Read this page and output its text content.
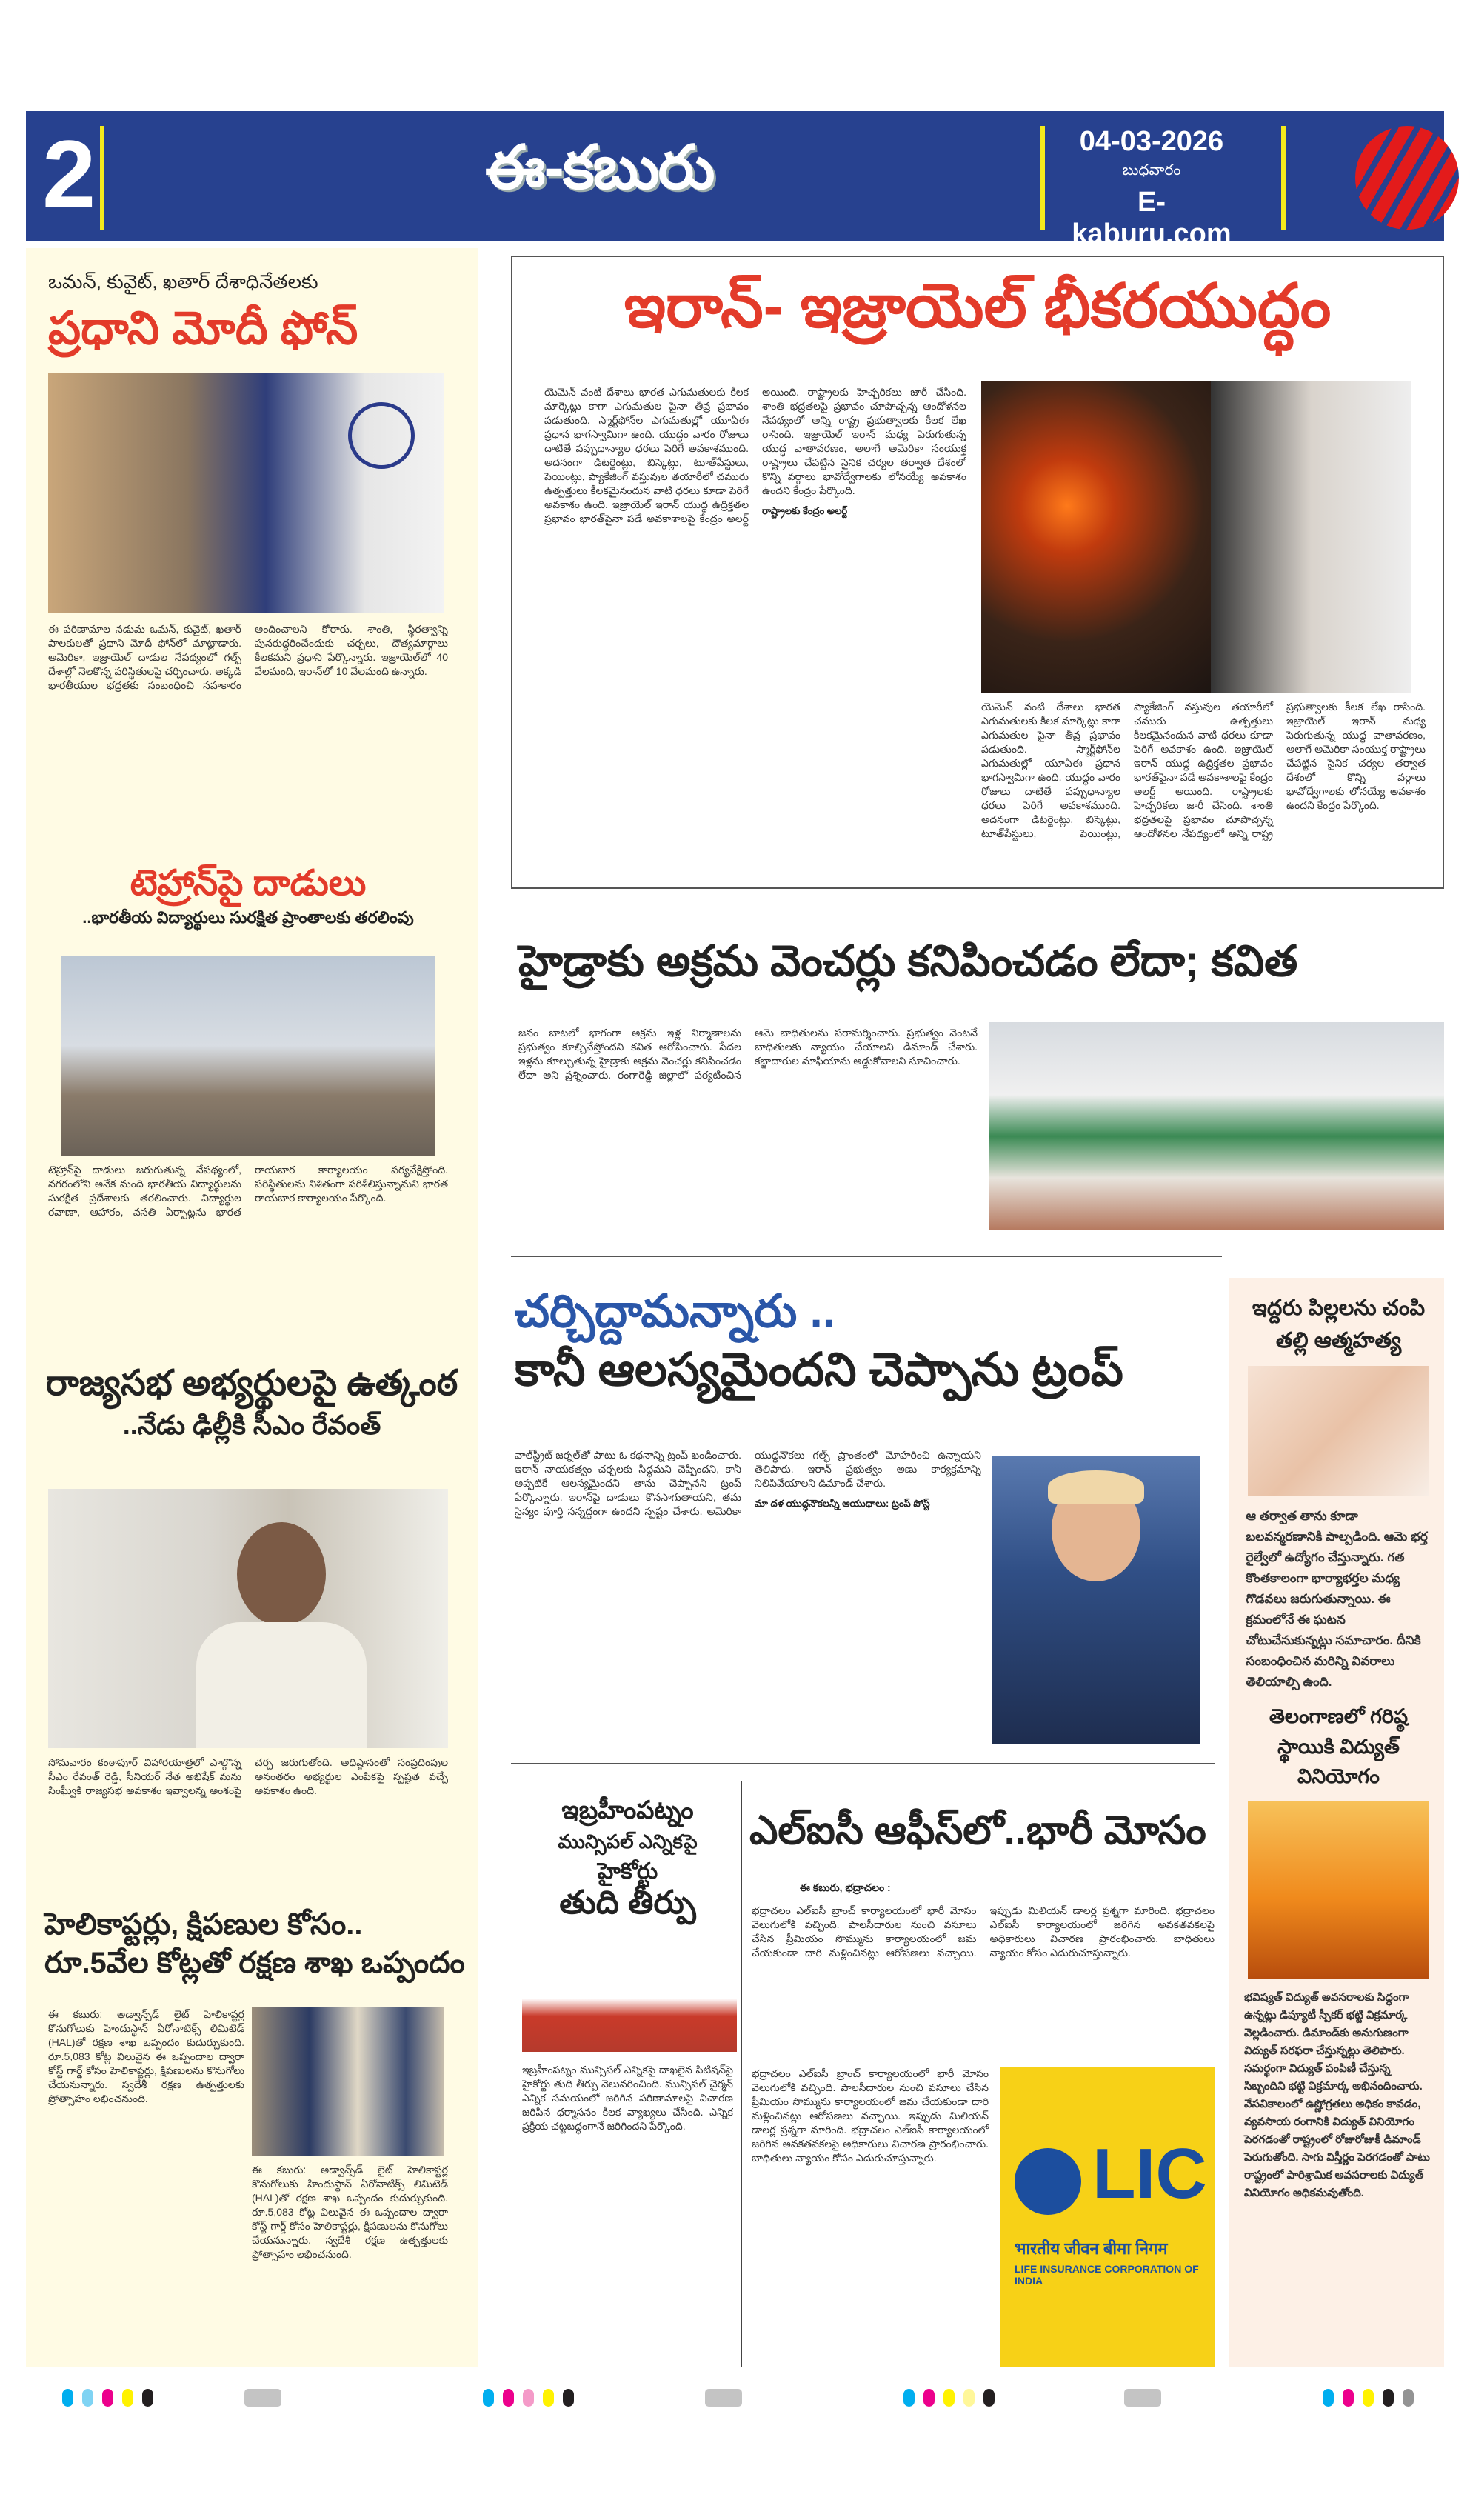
2	ఈ-కబురు	04-03-2026
బుధవారం
E-kaburu.com
ఒమన్, కువైట్, ఖతార్ దేశాధినేతలకు
ప్రధాని మోదీ ఫోన్
ఈ పరిణామాల నడుమ ఒమన్, కువైట్, ఖతార్ పాలకులతో ప్రధాని మోదీ ఫోన్‌లో మాట్లాడారు. అమెరికా, ఇజ్రాయెల్ దాడుల నేపథ్యంలో గల్ఫ్ దేశాల్లో నెలకొన్న పరిస్థితులపై చర్చించారు. అక్కడి భారతీయుల భద్రతకు సంబంధించి సహకారం అందించాలని కోరారు. శాంతి, స్థిరత్వాన్ని పునరుద్ధరించేందుకు చర్చలు, దౌత్యమార్గాలు కీలకమని ప్రధాని పేర్కొన్నారు. ఇజ్రాయెల్‌లో 40 వేలమంది, ఇరాన్‌లో 10 వేలమంది ఉన్నారు.
టెహ్రాన్‌పై దాడులు
..భారతీయ విద్యార్థులు సురక్షిత ప్రాంతాలకు తరలింపు
టెహ్రాన్‌పై దాడులు జరుగుతున్న నేపథ్యంలో, నగరంలోని అనేక మంది భారతీయ విద్యార్థులను సురక్షిత ప్రదేశాలకు తరలించారు. విద్యార్థుల రవాణా, ఆహారం, వసతి ఏర్పాట్లను భారత రాయబార కార్యాలయం పర్యవేక్షిస్తోంది. పరిస్థితులను నిశితంగా పరిశీలిస్తున్నామని భారత రాయబార కార్యాలయం పేర్కొంది.
రాజ్యసభ అభ్యర్థులపై ఉత్కంఠ
..నేడు ఢిల్లీకి సీఎం రేవంత్
సోమవారం కంఠాపూర్ విహారయాత్రలో పాల్గొన్న సీఎం రేవంత్ రెడ్డి, సీనియర్ నేత అభిషేక్ మను సింఘ్వీకి రాజ్యసభ అవకాశం ఇవ్వాలన్న అంశంపై చర్చ జరుగుతోంది. అధిష్ఠానంతో సంప్రదింపుల అనంతరం అభ్యర్థుల ఎంపికపై స్పష్టత వచ్చే అవకాశం ఉంది.
హెలికాప్టర్లు, క్షిపణుల కోసం..
రూ.5వేల కోట్లతో రక్షణ శాఖ ఒప్పందం
ఈ కబురు: అడ్వాన్స్‌డ్ లైట్ హెలికాప్టర్ల కొనుగోలుకు హిందుస్థాన్ ఏరోనాటిక్స్ లిమిటెడ్ (HAL)తో రక్షణ శాఖ ఒప్పందం కుదుర్చుకుంది. రూ.5,083 కోట్ల విలువైన ఈ ఒప్పందాల ద్వారా కోస్ట్ గార్డ్ కోసం హెలికాప్టర్లు, క్షిపణులను కొనుగోలు చేయనున్నారు. స్వదేశీ రక్షణ ఉత్పత్తులకు ప్రోత్సాహం లభించనుంది.
ఈ కబురు: అడ్వాన్స్‌డ్ లైట్ హెలికాప్టర్ల కొనుగోలుకు హిందుస్థాన్ ఏరోనాటిక్స్ లిమిటెడ్ (HAL)తో రక్షణ శాఖ ఒప్పందం కుదుర్చుకుంది. రూ.5,083 కోట్ల విలువైన ఈ ఒప్పందాల ద్వారా కోస్ట్ గార్డ్ కోసం హెలికాప్టర్లు, క్షిపణులను కొనుగోలు చేయనున్నారు. స్వదేశీ రక్షణ ఉత్పత్తులకు ప్రోత్సాహం లభించనుంది.
ఇరాన్- ఇజ్రాయెల్ భీకరయుద్ధం

యెమెన్ వంటి దేశాలు భారత ఎగుమతులకు కీలక మార్కెట్లు కాగా ఎగుమతుల పైనా తీవ్ర ప్రభావం పడుతుంది. స్మార్ట్‌ఫోన్‌ల ఎగుమతుల్లో యూఏఈ ప్రధాన భాగస్వామిగా ఉంది. యుద్ధం వారం రోజులు దాటితే పప్పుధాన్యాల ధరలు పెరిగే అవకాశముంది. అదనంగా డిటర్జెంట్లు, బిస్కెట్లు, టూత్‌పేస్టులు, పెయింట్లు, ప్యాకేజింగ్ వస్తువుల తయారీలో చమురు ఉత్పత్తులు కీలకమైనందున వాటి ధరలు కూడా పెరిగే అవకాశం ఉంది. ఇజ్రాయెల్ ఇరాన్ యుద్ధ ఉద్రిక్తతల ప్రభావం భారత్‌పైనా పడే అవకాశాలపై కేంద్రం అలర్ట్ అయింది. రాష్ట్రాలకు హెచ్చరికలు జారీ చేసింది. శాంతి భద్రతలపై ప్రభావం చూపొచ్చన్న ఆందోళనల నేపథ్యంలో అన్ని రాష్ట్ర ప్రభుత్వాలకు కీలక లేఖ రాసింది. ఇజ్రాయెల్ ఇరాన్ మధ్య పెరుగుతున్న యుద్ధ వాతావరణం, అలాగే అమెరికా సంయుక్త రాష్ట్రాలు చేపట్టిన సైనిక చర్యల తర్వాత దేశంలో కొన్ని వర్గాలు భావోద్వేగాలకు లోనయ్యే అవకాశం ఉందని కేంద్రం పేర్కొంది.

రాష్ట్రాలకు కేంద్రం అలర్ట్

యెమెన్ వంటి దేశాలు భారత ఎగుమతులకు కీలక మార్కెట్లు కాగా ఎగుమతుల పైనా తీవ్ర ప్రభావం పడుతుంది. స్మార్ట్‌ఫోన్‌ల ఎగుమతుల్లో యూఏఈ ప్రధాన భాగస్వామిగా ఉంది. యుద్ధం వారం రోజులు దాటితే పప్పుధాన్యాల ధరలు పెరిగే అవకాశముంది. అదనంగా డిటర్జెంట్లు, బిస్కెట్లు, టూత్‌పేస్టులు, పెయింట్లు, ప్యాకేజింగ్ వస్తువుల తయారీలో చమురు ఉత్పత్తులు కీలకమైనందున వాటి ధరలు కూడా పెరిగే అవకాశం ఉంది. ఇజ్రాయెల్ ఇరాన్ యుద్ధ ఉద్రిక్తతల ప్రభావం భారత్‌పైనా పడే అవకాశాలపై కేంద్రం అలర్ట్ అయింది. రాష్ట్రాలకు హెచ్చరికలు జారీ చేసింది. శాంతి భద్రతలపై ప్రభావం చూపొచ్చన్న ఆందోళనల నేపథ్యంలో అన్ని రాష్ట్ర ప్రభుత్వాలకు కీలక లేఖ రాసింది. ఇజ్రాయెల్ ఇరాన్ మధ్య పెరుగుతున్న యుద్ధ వాతావరణం, అలాగే అమెరికా సంయుక్త రాష్ట్రాలు చేపట్టిన సైనిక చర్యల తర్వాత దేశంలో కొన్ని వర్గాలు భావోద్వేగాలకు లోనయ్యే అవకాశం ఉందని కేంద్రం పేర్కొంది.
హైడ్రాకు అక్రమ వెంచర్లు కనిపించడం లేదా; కవిత
జనం బాటలో భాగంగా అక్రమ ఇళ్ల నిర్మాణాలను ప్రభుత్వం కూల్చివేస్తోందని కవిత ఆరోపించారు. పేదల ఇళ్లను కూల్చుతున్న హైడ్రాకు అక్రమ వెంచర్లు కనిపించడం లేదా అని ప్రశ్నించారు. రంగారెడ్డి జిల్లాలో పర్యటించిన ఆమె బాధితులను పరామర్శించారు. ప్రభుత్వం వెంటనే బాధితులకు న్యాయం చేయాలని డిమాండ్ చేశారు. కబ్జాదారుల మాఫియాను అడ్డుకోవాలని సూచించారు.
చర్చిద్దామన్నారు ..
కానీ ఆలస్యమైందని చెప్పాను ట్రంప్

వాల్‌స్ట్రీట్ జర్నల్‌తో పాటు ఓ కథనాన్ని ట్రంప్ ఖండించారు. ఇరాన్ నాయకత్వం చర్చలకు సిద్ధమని చెప్పిందని, కానీ అప్పటికే ఆలస్యమైందని తాను చెప్పానని ట్రంప్ పేర్కొన్నారు. ఇరాన్‌పై దాడులు కొనసాగుతాయని, తమ సైన్యం పూర్తి సన్నద్ధంగా ఉందని స్పష్టం చేశారు. అమెరికా యుద్ధనౌకలు గల్ఫ్ ప్రాంతంలో మోహరించి ఉన్నాయని తెలిపారు. ఇరాన్ ప్రభుత్వం అణు కార్యక్రమాన్ని నిలిపివేయాలని డిమాండ్ చేశారు.

మా దళ యుద్ధనౌకలన్నీ ఆయుధాలు: ట్రంప్ పోస్ట్

ఇబ్రహీంపట్నం
మున్సిపల్ ఎన్నికపై
హైకోర్టు
తుది తీర్పు
ఇబ్రహీంపట్నం మున్సిపల్ ఎన్నికపై దాఖలైన పిటిషన్‌పై హైకోర్టు తుది తీర్పు వెలువరించింది. మున్సిపల్ చైర్మన్ ఎన్నిక సమయంలో జరిగిన పరిణామాలపై విచారణ జరిపిన ధర్మాసనం కీలక వ్యాఖ్యలు చేసింది. ఎన్నిక ప్రక్రియ చట్టబద్ధంగానే జరిగిందని పేర్కొంది.
ఎల్‌ఐసీ ఆఫీస్‌లో..భారీ మోసం
ఈ కబురు, భద్రాచలం :
భద్రాచలం ఎల్ఐసీ బ్రాంచ్ కార్యాలయంలో భారీ మోసం వెలుగులోకి వచ్చింది. పాలసీదారుల నుంచి వసూలు చేసిన ప్రీమియం సొమ్మును కార్యాలయంలో జమ చేయకుండా దారి మళ్లించినట్లు ఆరోపణలు వచ్చాయి. ఇప్పుడు మిలియన్ డాలర్ల ప్రశ్నగా మారింది. భద్రాచలం ఎల్ఐసీ కార్యాలయంలో జరిగిన అవకతవకలపై అధికారులు విచారణ ప్రారంభించారు. బాధితులు న్యాయం కోసం ఎదురుచూస్తున్నారు.
భద్రాచలం ఎల్ఐసీ బ్రాంచ్ కార్యాలయంలో భారీ మోసం వెలుగులోకి వచ్చింది. పాలసీదారుల నుంచి వసూలు చేసిన ప్రీమియం సొమ్మును కార్యాలయంలో జమ చేయకుండా దారి మళ్లించినట్లు ఆరోపణలు వచ్చాయి. ఇప్పుడు మిలియన్ డాలర్ల ప్రశ్నగా మారింది. భద్రాచలం ఎల్ఐసీ కార్యాలయంలో జరిగిన అవకతవకలపై అధికారులు విచారణ ప్రారంభించారు. బాధితులు న్యాయం కోసం ఎదురుచూస్తున్నారు.	LIC
भारतीय जीवन बीमा निगम
LIFE INSURANCE CORPORATION OF INDIA
ఇద్దరు పిల్లలను చంపి తల్లి ఆత్మహత్య
ఆ తర్వాత తాను కూడా బలవన్మరణానికి పాల్పడింది. ఆమె భర్త రైల్వేలో ఉద్యోగం చేస్తున్నారు. గత కొంతకాలంగా భార్యాభర్తల మధ్య గొడవలు జరుగుతున్నాయి. ఈ క్రమంలోనే ఈ ఘటన చోటుచేసుకున్నట్లు సమాచారం. దీనికి సంబంధించిన మరిన్ని వివరాలు తెలియాల్సి ఉంది.
తెలంగాణలో గరిష్ఠ స్థాయికి విద్యుత్ వినియోగం
భవిష్యత్ విద్యుత్ అవసరాలకు సిద్ధంగా ఉన్నట్లు డిప్యూటీ స్పీకర్ భట్టి విక్రమార్క వెల్లడించారు. డిమాండ్‌కు అనుగుణంగా విద్యుత్ సరఫరా చేస్తున్నట్లు తెలిపారు. సమర్థంగా విద్యుత్ పంపిణీ చేస్తున్న సిబ్బందిని భట్టి విక్రమార్క అభినందించారు. వేసవికాలంలో ఉష్ణోగ్రతలు అధికం కావడం, వ్యవసాయ రంగానికి విద్యుత్ వినియోగం పెరగడంతో రాష్ట్రంలో రోజురోజుకీ డిమాండ్ పెరుగుతోంది. సాగు విస్తీర్ణం పెరగడంతో పాటు రాష్ట్రంలో పారిశ్రామిక అవసరాలకు విద్యుత్ వినియోగం అధికమవుతోంది.
